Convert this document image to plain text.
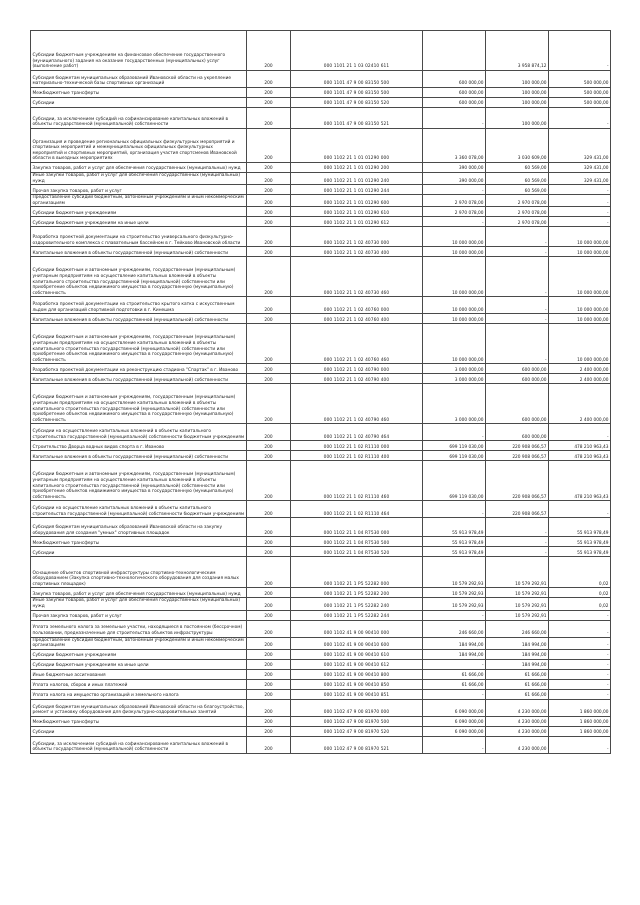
Субсидии бюджетным учреждениям на финансовое обеспечение государственного (муниципального) задания на оказание государственных (муниципальных) услуг (выполнение работ)	200	000 1101 21 1 03 02410 611		3 958 874,12	-
Субсидия бюджетам муниципальных образований Ивановской области на укрепление материально-технической базы спортивных организаций	200	000 1101 47 9 00 83150 500	600 000,00	100 000,00	500 000,00
Межбюджетные трансферты	200	000 1101 47 9 00 83150 500	600 000,00	100 000,00	500 000,00
Субсидии	200	000 1101 47 9 00 83150 520	600 000,00	100 000,00	500 000,00
Субсидии, за исключением субсидий на софинансирование капитальных вложений в объекты государственной (муниципальной) собственности	200	000 1101 47 9 00 83150 521	-	100 000,00	-
Организация и проведение региональных официальных физкультурных мероприятий и спортивных мероприятий и межмуниципальных официальных физкультурных мероприятий и спортивных мероприятий, организация участия спортсменов Ивановской области в выездных мероприятиях	200	000 1102 21 1 01 01290 000	3 360 078,00	3 030 609,00	329 431,00
Закупка товаров, работ и услуг для обеспечения государственных (муниципальных) нужд	200	000 1102 21 1 01 01290 200	390 000,00	60 569,00	329 431,00
Иные закупки товаров, работ и услуг для обеспечения государственных (муниципальных) нужд	200	000 1102 21 1 01 01290 240	390 000,00	60 569,00	329 431,00
Прочая закупка товаров, работ и услуг	200	000 1102 21 1 01 01290 244	-	60 569,00	-
Предоставление субсидий бюджетным, автономным учреждениям и иным некоммерческим организациям	200	000 1102 21 1 01 01290 600	2 970 078,00	2 970 078,00	-
Субсидии бюджетным учреждениям	200	000 1102 21 1 01 01290 610	2 970 078,00	2 970 078,00	-
Субсидии бюджетным учреждениям на иные цели	200	000 1102 21 1 01 01290 612	-	2 970 078,00	-
Разработка проектной документации на строительство универсального физкультурно-оздоровительного комплекса с плавательным бассейном в г. Тейково Ивановской области	200	000 1102 21 1 02 40730 000	10 000 000,00	-	10 000 000,00
Капитальные вложения в объекты государственной (муниципальной) собственности	200	000 1102 21 1 02 40730 400	10 000 000,00	-	10 000 000,00
Субсидии бюджетным и автономным учреждениям, государственным (муниципальным) унитарным предприятиям на осуществление капитальных вложений в объекты капитального строительства государственной (муниципальной) собственности или приобретение объектов недвижимого имущества в государственную (муниципальную) собственность	200	000 1102 21 1 02 40730 460	10 000 000,00	-	10 000 000,00
Разработка проектной документации на строительство крытого катка с искусственным льдом для организаций спортивной подготовки в г. Кинешма	200	000 1102 21 1 02 40760 000	10 000 000,00	-	10 000 000,00
Капитальные вложения в объекты государственной (муниципальной) собственности	200	000 1102 21 1 02 40760 400	10 000 000,00	-	10 000 000,00
Субсидии бюджетным и автономным учреждениям, государственным (муниципальным) унитарным предприятиям на осуществление капитальных вложений в объекты капитального строительства государственной (муниципальной) собственности или приобретение объектов недвижимого имущества в государственную (муниципальную) собственность	200	000 1102 21 1 02 40760 460	10 000 000,00	-	10 000 000,00
Разработка проектной документации на реконструкцию стадиона "Спартак" в г. Иваново	200	000 1102 21 1 02 40790 000	3 000 000,00	600 000,00	2 400 000,00
Капитальные вложения в объекты государственной (муниципальной) собственности	200	000 1102 21 1 02 40790 400	3 000 000,00	600 000,00	2 400 000,00
Субсидии бюджетным и автономным учреждениям, государственным (муниципальным) унитарным предприятиям на осуществление капитальных вложений в объекты капитального строительства государственной (муниципальной) собственности или приобретение объектов недвижимого имущества в государственную (муниципальную) собственность	200	000 1102 21 1 02 40790 460	3 000 000,00	600 000,00	2 400 000,00
Субсидии на осуществление капитальных вложений в объекты капитального строительства государственной (муниципальной) собственности бюджетным учреждениям	200	000 1102 21 1 02 40790 464	-	600 000,00	-
Строительство Дворца водных видов спорта в г. Иваново	200	000 1102 21 1 02 R1110 000	699 119 030,00	220 908 066,57	478 210 963,43
Капитальные вложения в объекты государственной (муниципальной) собственности	200	000 1102 21 1 02 R1110 400	699 119 030,00	220 908 066,57	478 210 963,43
Субсидии бюджетным и автономным учреждениям, государственным (муниципальным) унитарным предприятиям на осуществление капитальных вложений в объекты капитального строительства государственной (муниципальной) собственности или приобретение объектов недвижимого имущества в государственную (муниципальную) собственность	200	000 1102 21 1 02 R1110 460	699 119 030,00	220 908 066,57	478 210 963,43
Субсидии на осуществление капитальных вложений в объекты капитального строительства государственной (муниципальной) собственности бюджетным учреждениям	200	000 1102 21 1 02 R1110 464	-	220 908 066,57	-
Субсидия бюджетам муниципальных образований Ивановской области на закупку оборудования для создания "умных" спортивных площадок	200	000 1102 21 1 04 R7530 000	55 913 978,49	-	55 913 978,49
Межбюджетные трансферты	200	000 1102 21 1 04 R7530 500	55 913 978,49	-	55 913 978,49
Субсидии	200	000 1102 21 1 04 R7530 520	55 913 978,49	-	55 913 978,49
Оснащение объектов спортивной инфраструктуры спортивно-технологическим оборудованием (Закупка спортивно-технологического оборудования для создания малых спортивных площадок)	200	000 1102 21 1 P5 52282 000	10 579 292,93	10 579 292,91	0,02
Закупка товаров, работ и услуг для обеспечения государственных (муниципальных) нужд	200	000 1102 21 1 P5 52282 200	10 579 292,93	10 579 292,91	0,02
Иные закупки товаров, работ и услуг для обеспечения государственных (муниципальных) нужд	200	000 1102 21 1 P5 52282 240	10 579 292,93	10 579 292,91	0,02
Прочая закупка товаров, работ и услуг	200	000 1102 21 1 P5 52282 244	-	10 579 292,91	-
Уплата земельного налога за земельные участки, находящиеся в постоянном (бессрочном) пользовании, предназначенные для строительства объектов инфраструктуры	200	000 1102 41 9 00 90410 000	246 660,00	246 660,00	-
Предоставление субсидий бюджетным, автономным учреждениям и иным некоммерческим организациям	200	000 1102 41 9 00 90410 600	184 994,00	184 994,00	-
Субсидии бюджетным учреждениям	200	000 1102 41 9 00 90410 610	184 994,00	184 994,00	-
Субсидии бюджетным учреждениям на иные цели	200	000 1102 41 9 00 90410 612	-	184 994,00	-
Иные бюджетные ассигнования	200	000 1102 41 9 00 90410 800	61 666,00	61 666,00	-
Уплата налогов, сборов и иных платежей	200	000 1102 41 9 00 90410 850	61 666,00	61 666,00	-
Уплата налога на имущество организаций и земельного налога	200	000 1102 41 9 00 90410 851	-	61 666,00	-
Субсидия бюджетам муниципальных образований Ивановской области на благоустройство, ремонт и установку оборудования для физкультурно-оздоровительных занятий	200	000 1102 47 9 00 81970 000	6 090 000,00	4 230 000,00	1 860 000,00
Межбюджетные трансферты	200	000 1102 47 9 00 81970 500	6 090 000,00	4 230 000,00	1 860 000,00
Субсидии	200	000 1102 47 9 00 81970 520	6 090 000,00	4 230 000,00	1 860 000,00
Субсидии, за исключением субсидий на софинансирование капитальных вложений в объекты государственной (муниципальной) собственности	200	000 1102 47 9 00 81970 521	-	4 230 000,00	-
